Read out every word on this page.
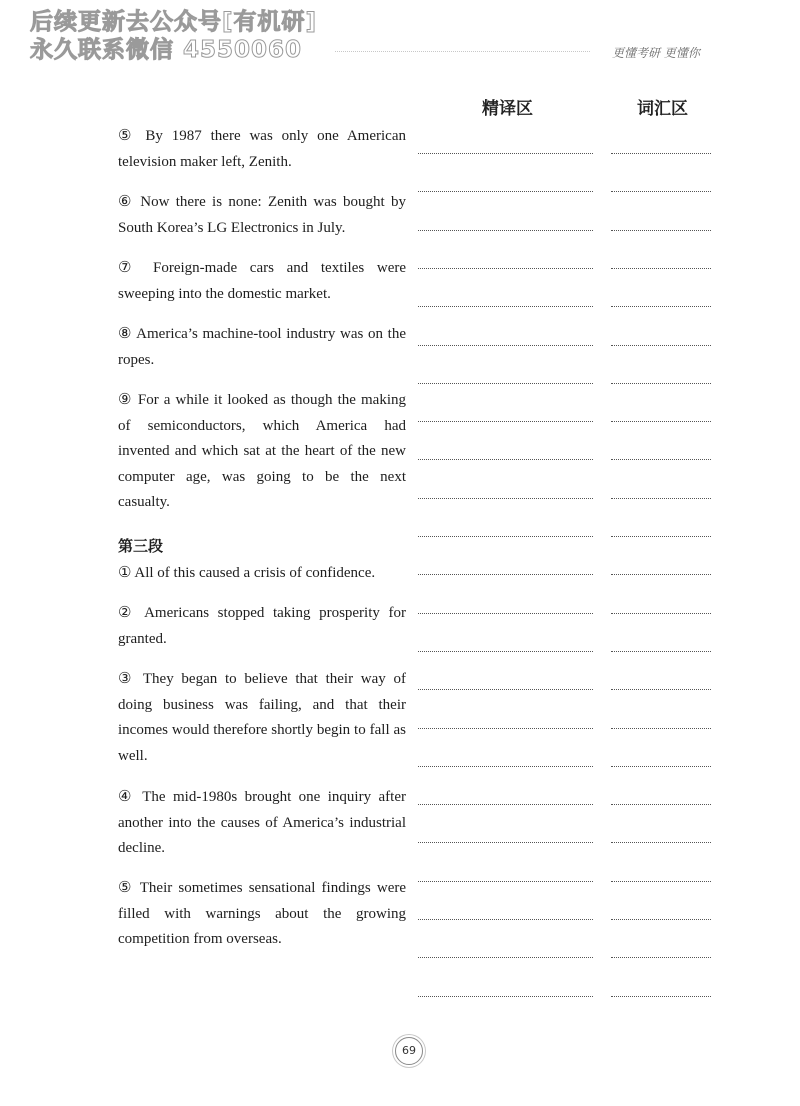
后续更新去公众号[有机研]
永久联系微信 4550060	更懂考研 更懂你
精译区	词汇区
⑤ By 1987 there was only one American television maker left, Zenith.
⑥ Now there is none: Zenith was bought by South Korea’s LG Electronics in July.
⑦ Foreign-made cars and textiles were sweeping into the domestic market.
⑧ America’s machine-tool industry was on the ropes.
⑨ For a while it looked as though the making of semiconductors, which America had invented and which sat at the heart of the new computer age, was going to be the next casualty.
第三段
① All of this caused a crisis of confidence.
② Americans stopped taking prosperity for granted.
③ They began to believe that their way of doing business was failing, and that their incomes would therefore shortly begin to fall as well.
④ The mid-1980s brought one inquiry after another into the causes of America’s industrial decline.
⑤ Their sometimes sensational findings were filled with warnings about the growing competition from overseas.
69
